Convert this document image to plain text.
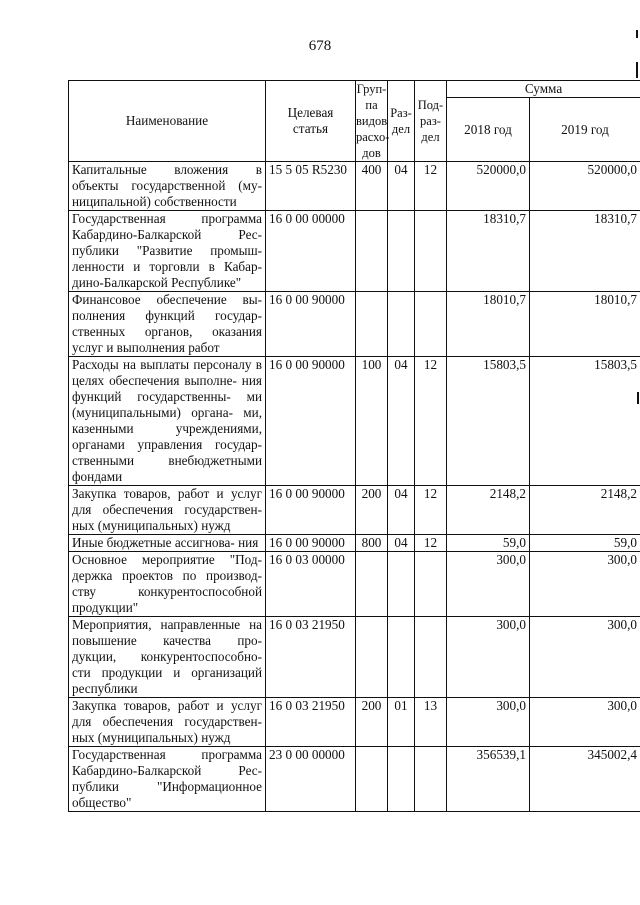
678
Наименование	Целевая статья	Груп- па видов расхо- дов	Раз- дел	Под- раз- дел	Сумма	
					2018 год	2019 год
Капитальные вложения в объекты государственной (му- ниципальной) собственности	15 5 05 R5230	400	04	12	520000,0	520000,0
Государственная программа Кабардино-Балкарской Рес- публики "Развитие промыш- ленности и торговли в Кабар- дино-Балкарской Республике"	16 0 00 00000				18310,7	18310,7
Финансовое обеспечение вы- полнения функций государ- ственных органов, оказания услуг и выполнения работ	16 0 00 90000				18010,7	18010,7
Расходы на выплаты персоналу в целях обеспечения выполне- ния функций государственны- ми (муниципальными) органа- ми, казенными учреждениями, органами управления государ- ственными внебюджетными фондами	16 0 00 90000	100	04	12	15803,5	15803,5
Закупка товаров, работ и услуг для обеспечения государствен- ных (муниципальных) нужд	16 0 00 90000	200	04	12	2148,2	2148,2
Иные бюджетные ассигнова- ния	16 0 00 90000	800	04	12	59,0	59,0
Основное мероприятие "Под- держка проектов по производ- ству конкурентоспособной продукции"	16 0 03 00000				300,0	300,0
Мероприятия, направленные на повышение качества про- дукции, конкурентоспособно- сти продукции и организаций республики	16 0 03 21950				300,0	300,0
Закупка товаров, работ и услуг для обеспечения государствен- ных (муниципальных) нужд	16 0 03 21950	200	01	13	300,0	300,0
Государственная программа Кабардино-Балкарской Рес- публики "Информационное общество"	23 0 00 00000				356539,1	345002,4
